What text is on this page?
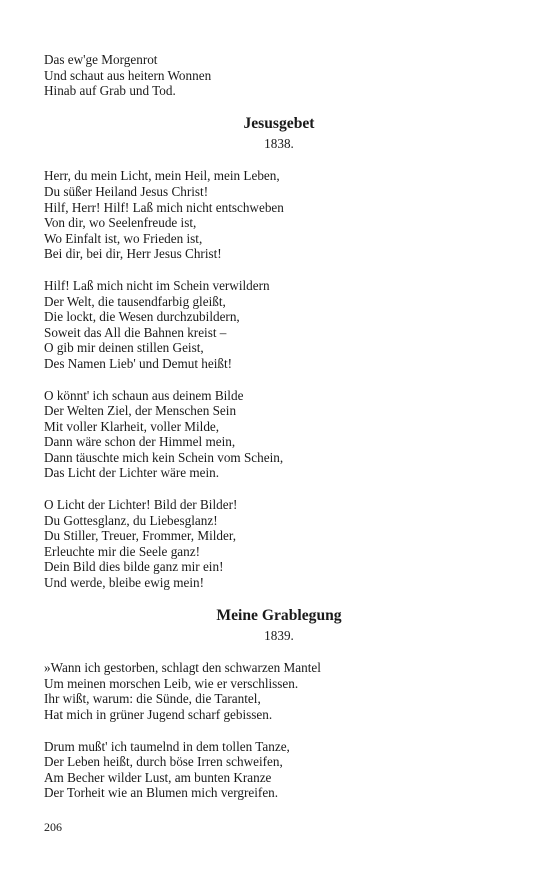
Das ew'ge Morgenrot
Und schaut aus heitern Wonnen
Hinab auf Grab und Tod.
Jesusgebet
1838.
Herr, du mein Licht, mein Heil, mein Leben,
Du süßer Heiland Jesus Christ!
Hilf, Herr! Hilf! Laß mich nicht entschweben
Von dir, wo Seelenfreude ist,
Wo Einfalt ist, wo Frieden ist,
Bei dir, bei dir, Herr Jesus Christ!
Hilf! Laß mich nicht im Schein verwildern
Der Welt, die tausendfarbig gleißt,
Die lockt, die Wesen durchzubildern,
Soweit das All die Bahnen kreist –
O gib mir deinen stillen Geist,
Des Namen Lieb' und Demut heißt!
O könnt' ich schaun aus deinem Bilde
Der Welten Ziel, der Menschen Sein
Mit voller Klarheit, voller Milde,
Dann wäre schon der Himmel mein,
Dann täuschte mich kein Schein vom Schein,
Das Licht der Lichter wäre mein.
O Licht der Lichter! Bild der Bilder!
Du Gottesglanz, du Liebesglanz!
Du Stiller, Treuer, Frommer, Milder,
Erleuchte mir die Seele ganz!
Dein Bild dies bilde ganz mir ein!
Und werde, bleibe ewig mein!
Meine Grablegung
1839.
»Wann ich gestorben, schlagt den schwarzen Mantel
Um meinen morschen Leib, wie er verschlissen.
Ihr wißt, warum: die Sünde, die Tarantel,
Hat mich in grüner Jugend scharf gebissen.
Drum mußt' ich taumelnd in dem tollen Tanze,
Der Leben heißt, durch böse Irren schweifen,
Am Becher wilder Lust, am bunten Kranze
Der Torheit wie an Blumen mich vergreifen.
206
